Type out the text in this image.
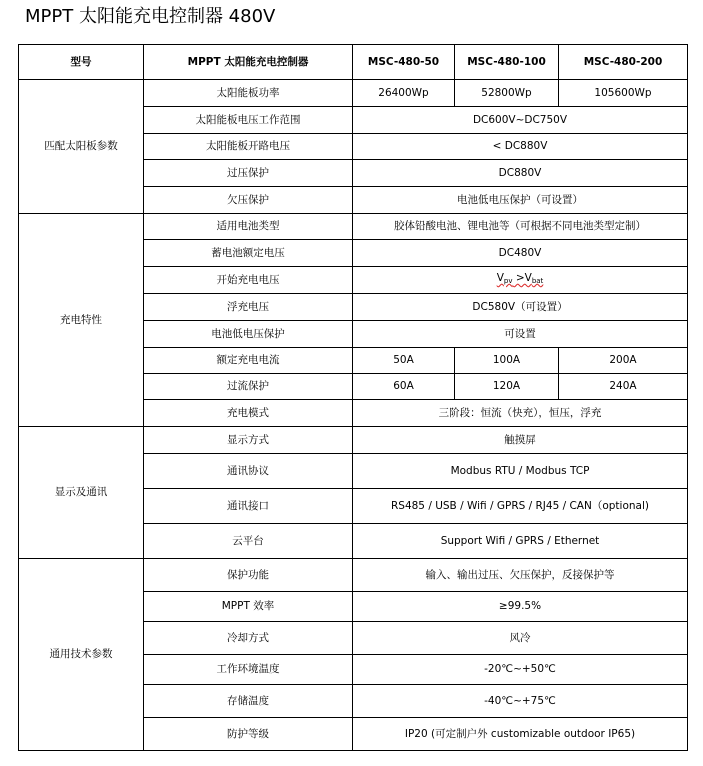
MPPT 太阳能充电控制器 480V
型号	MPPT 太阳能充电控制器	MSC-480-50	MSC-480-100	MSC-480-200
匹配太阳板参数	太阳能板功率	26400Wp	52800Wp	105600Wp
	太阳能板电压工作范围	DC600V~DC750V		
	太阳能板开路电压	< DC880V		
	过压保护	DC880V		
	欠压保护	电池低电压保护（可设置）		
充电特性	适用电池类型	胶体铅酸电池、锂电池等（可根据不同电池类型定制）		
	蓄电池额定电压	DC480V		
	开始充电电压	$V_{pv} >V_{bat}$
	浮充电压	DC580V（可设置）		
	电池低电压保护	可设置		
	额定充电电流	50A	100A	200A
	过流保护	60A	120A	240A
	充电模式	三阶段：恒流（快充），恒压，浮充		
显示及通讯	显示方式	触摸屏		
	通讯协议	Modbus RTU / Modbus TCP		
	通讯接口	RS485 / USB / Wifi / GPRS / RJ45 / CAN（optional)		
	云平台	Support Wifi / GPRS / Ethernet		
通用技术参数	保护功能	输入、输出过压、欠压保护，反接保护等		
	MPPT 效率	≥99.5%		
	冷却方式	风冷		
	工作环境温度	-20℃~+50℃		
	存储温度	-40℃~+75℃		
	防护等级	IP20 (可定制户外 customizable outdoor IP65)		
